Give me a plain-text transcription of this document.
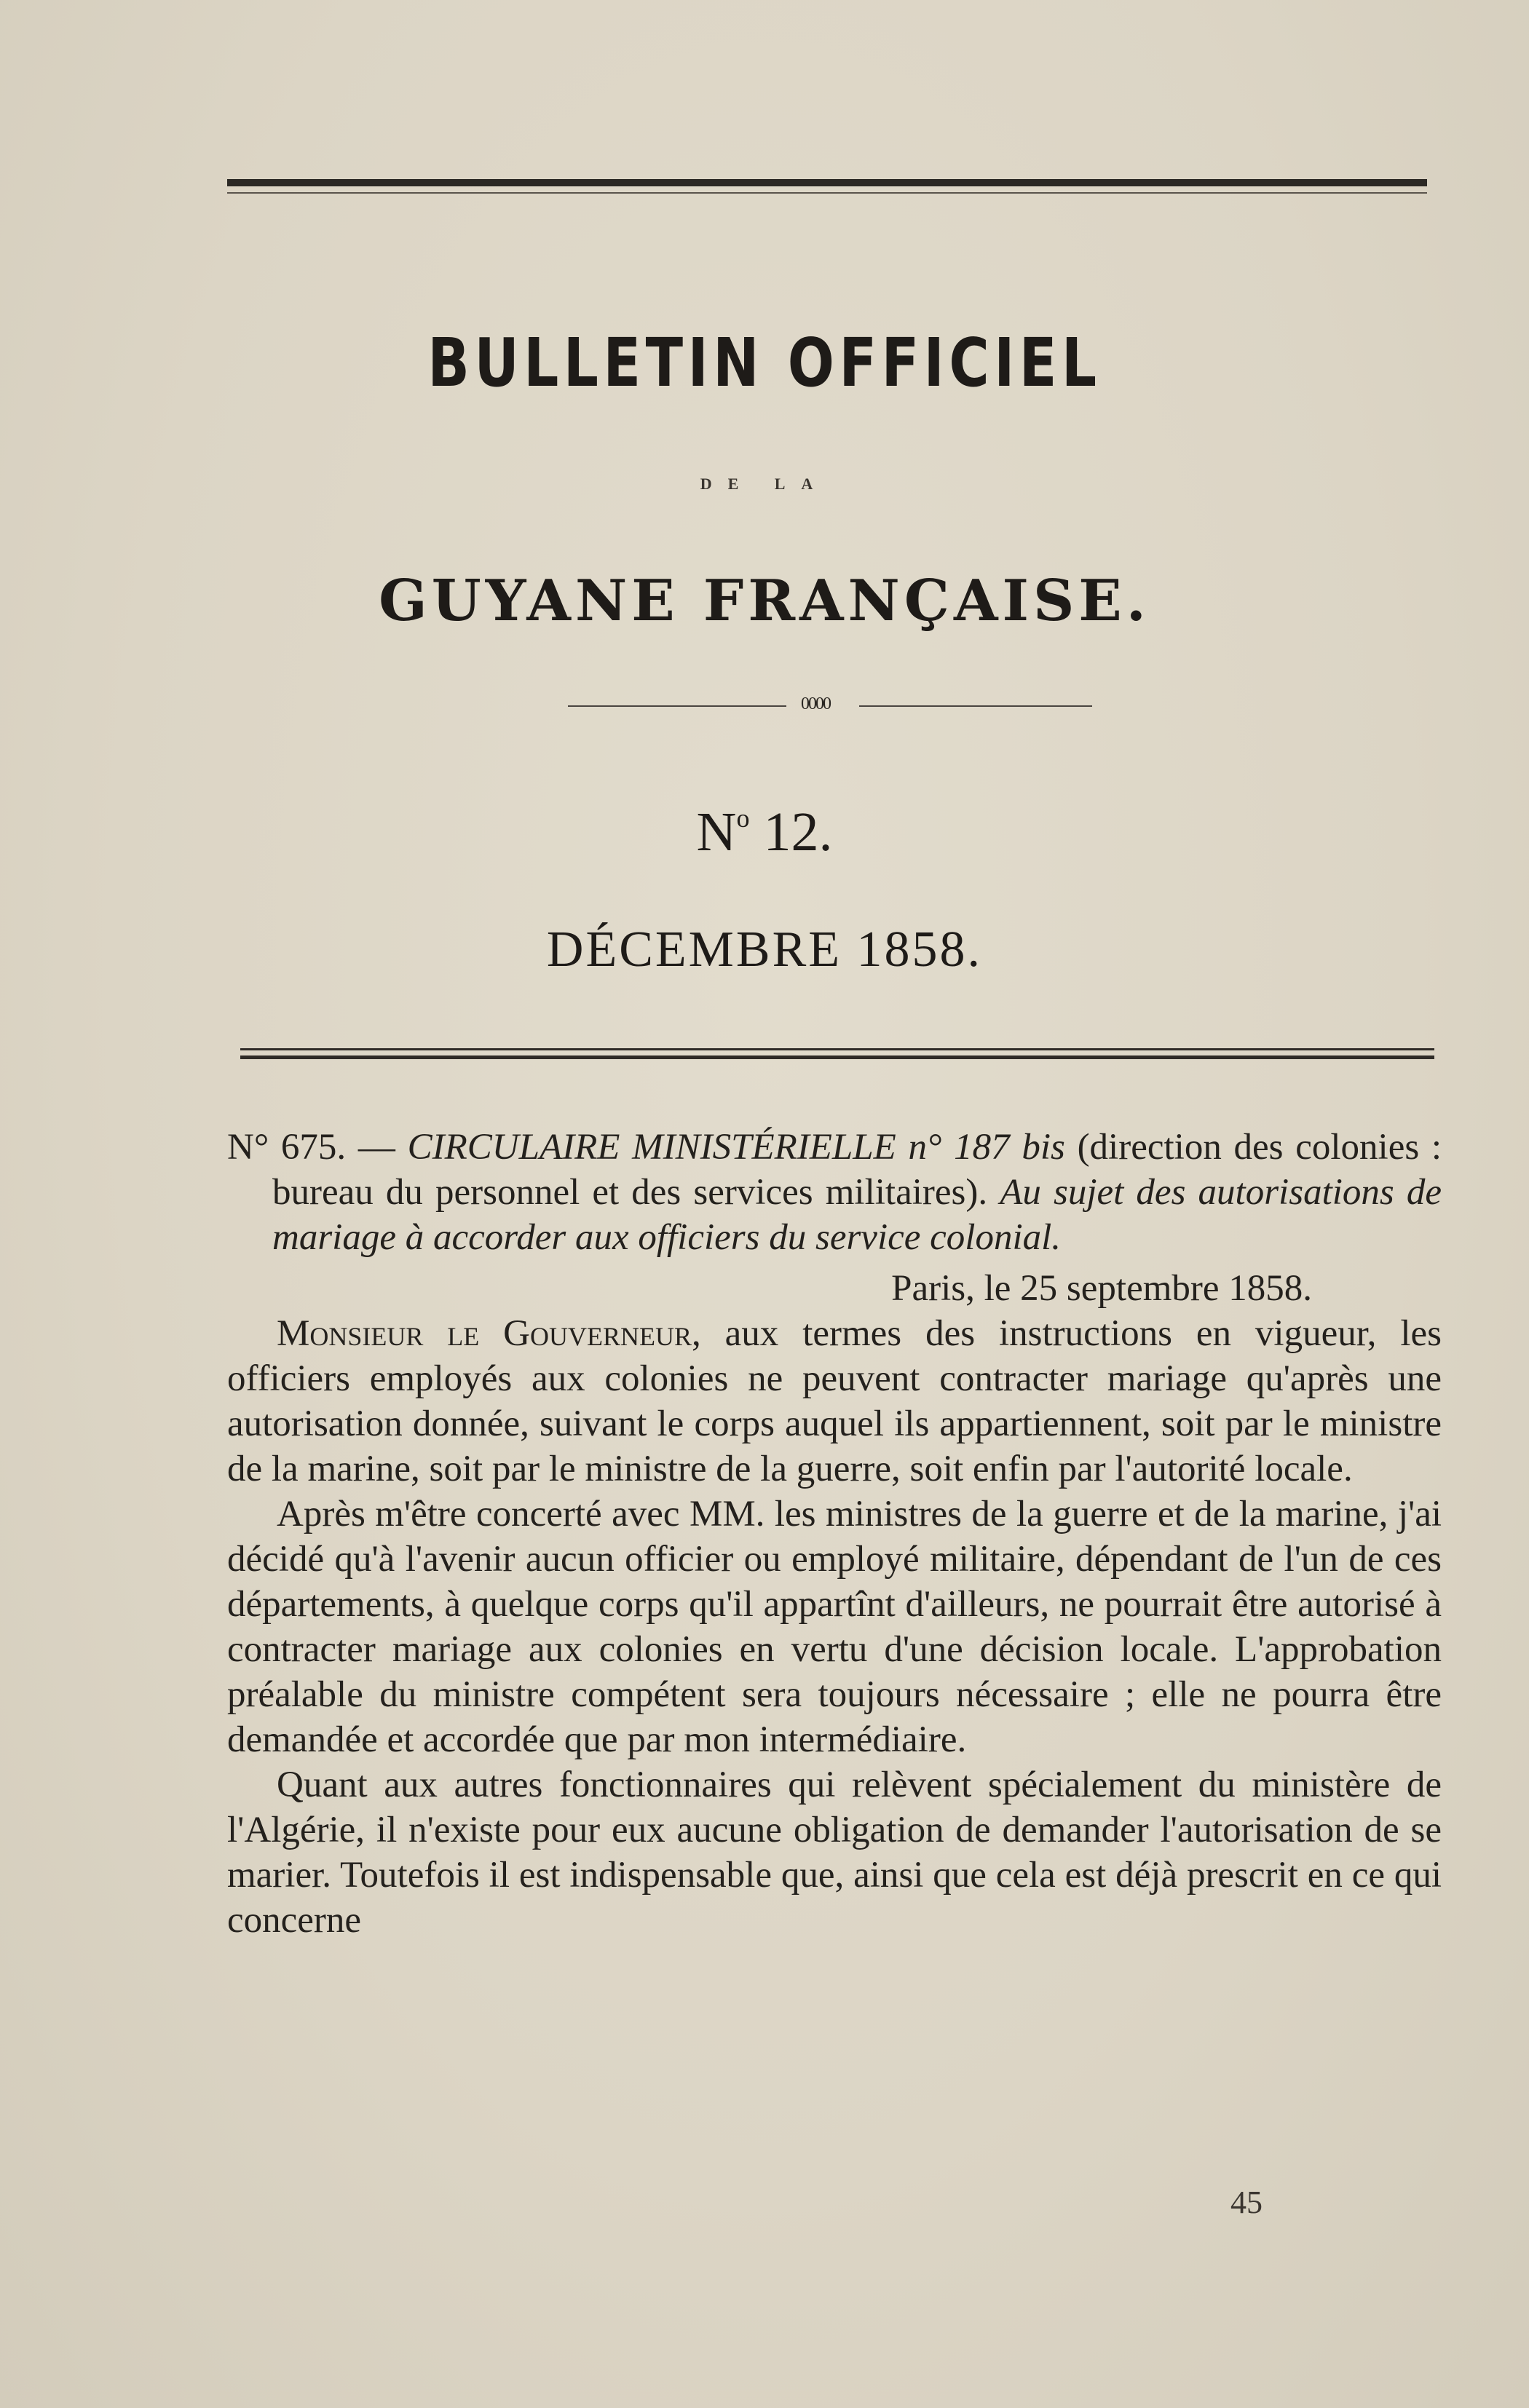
BULLETIN OFFICIEL
DE LA
GUYANE FRANÇAISE.
0000
$N^o$ 12.
DÉCEMBRE 1858.

N° 675. — CIRCULAIRE MINISTÉRIELLE n° 187 bis (direction des colonies : bureau du personnel et des services militaires). Au sujet des autorisations de mariage à accorder aux officiers du service colonial.

Paris, le 25 septembre 1858.

Monsieur le Gouverneur, aux termes des instructions en vigueur, les officiers employés aux colonies ne peuvent contracter mariage qu'après une autorisation donnée, suivant le corps auquel ils appartiennent, soit par le ministre de la marine, soit par le ministre de la guerre, soit enfin par l'autorité locale.

Après m'être concerté avec MM. les ministres de la guerre et de la marine, j'ai décidé qu'à l'avenir aucun officier ou employé militaire, dépendant de l'un de ces départements, à quelque corps qu'il appartînt d'ailleurs, ne pourrait être autorisé à contracter mariage aux colonies en vertu d'une décision locale. L'approbation préalable du ministre compétent sera toujours nécessaire ; elle ne pourra être demandée et accordée que par mon intermédiaire.

Quant aux autres fonctionnaires qui relèvent spécialement du ministère de l'Algérie, il n'existe pour eux aucune obligation de demander l'autorisation de se marier. Toutefois il est indispensable que, ainsi que cela est déjà prescrit en ce qui concerne

45
